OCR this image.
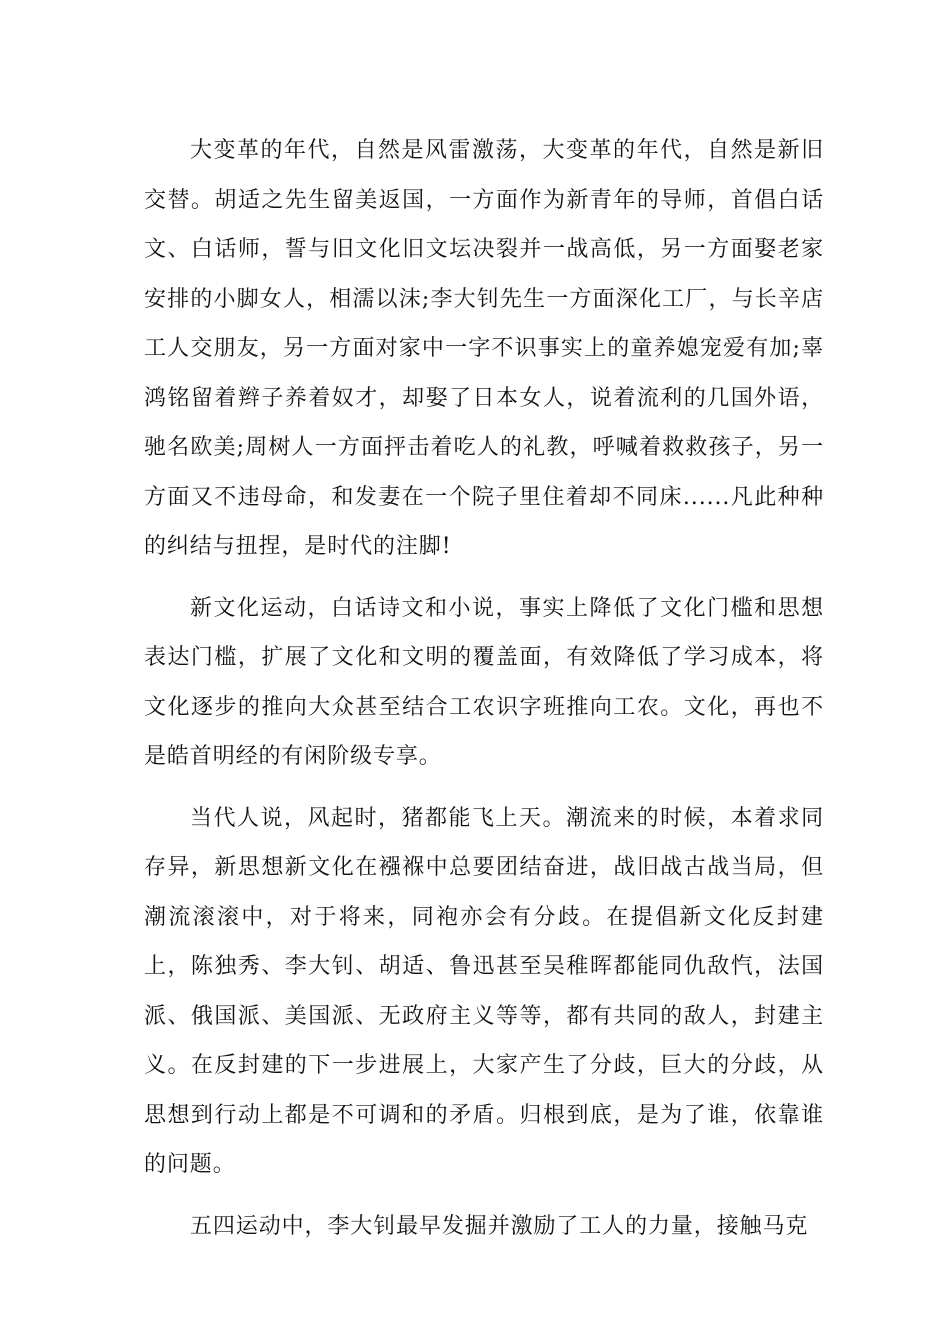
大变革的年代，自然是风雷激荡，大变革的年代，自然是新旧交替。胡适之先生留美返国，一方面作为新青年的导师，首倡白话文、白话师，誓与旧文化旧文坛决裂并一战高低，另一方面娶老家安排的小脚女人，相濡以沫;李大钊先生一方面深化工厂，与长辛店工人交朋友，另一方面对家中一字不识事实上的童养媳宠爱有加;辜鸿铭留着辫子养着奴才，却娶了日本女人，说着流利的几国外语，驰名欧美;周树人一方面抨击着吃人的礼教，呼喊着救救孩子，另一方面又不违母命，和发妻在一个院子里住着却不同床......凡此种种的纠结与扭捏，是时代的注脚!

新文化运动，白话诗文和小说，事实上降低了文化门槛和思想表达门槛，扩展了文化和文明的覆盖面，有效降低了学习成本，将文化逐步的推向大众甚至结合工农识字班推向工农。文化，再也不是皓首明经的有闲阶级专享。

当代人说，风起时，猪都能飞上天。潮流来的时候，本着求同存异，新思想新文化在襁褓中总要团结奋进，战旧战古战当局，但潮流滚滚中，对于将来，同袍亦会有分歧。在提倡新文化反封建上，陈独秀、李大钊、胡适、鲁迅甚至吴稚晖都能同仇敌忾，法国派、俄国派、美国派、无政府主义等等，都有共同的敌人，封建主义。在反封建的下一步进展上，大家产生了分歧，巨大的分歧，从思想到行动上都是不可调和的矛盾。归根到底，是为了谁，依靠谁的问题。

五四运动中，李大钊最早发掘并激励了工人的力量，接触马克
